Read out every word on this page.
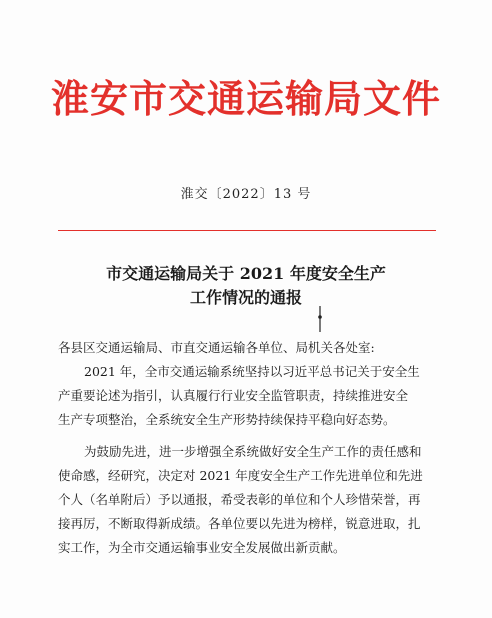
淮安市交通运输局文件
淮交〔2022〕13 号
市交通运输局关于 2021 年度安全生产
工作情况的通报
各县区交通运输局、市直交通运输各单位、局机关各处室:
2021 年，全市交通运输系统坚持以习近平总书记关于安全生
产重要论述为指引，认真履行行业安全监管职责，持续推进安全
生产专项整治，全系统安全生产形势持续保持平稳向好态势。
为鼓励先进，进一步增强全系统做好安全生产工作的责任感和
使命感，经研究，决定对 2021 年度安全生产工作先进单位和先进
个人（名单附后）予以通报，希受表彰的单位和个人珍惜荣誉，再
接再厉，不断取得新成绩。各单位要以先进为榜样，锐意进取，扎
实工作，为全市交通运输事业安全发展做出新贡献。
